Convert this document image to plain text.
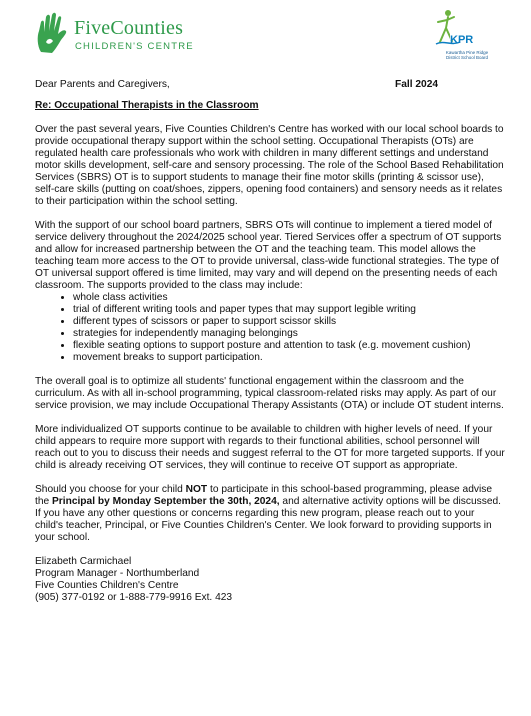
FiveCounties
CHILDREN'S CENTRE
KPR
Kawartha Pine Ridge
District School Board
Dear Parents and Caregivers,	Fall 2024
Re: Occupational Therapists in the Classroom

Over the past several years, Five Counties Children's Centre has worked with our local school boards to provide occupational therapy support within the school setting. Occupational Therapists (OTs) are regulated health care professionals who work with children in many different settings and understand motor skills development, self-care and sensory processing. The role of the School Based Rehabilitation Services (SBRS) OT is to support students to manage their fine motor skills (printing & scissor use), self-care skills (putting on coat/shoes, zippers, opening food containers) and sensory needs as it relates to their participation within the school setting.

With the support of our school board partners, SBRS OTs will continue to implement a tiered model of service delivery throughout the 2024/2025 school year. Tiered Services offer a spectrum of OT supports and allow for increased partnership between the OT and the teaching team. This model allows the teaching team more access to the OT to provide universal, class-wide functional strategies. The type of OT universal support offered is time limited, may vary and will depend on the presenting needs of each classroom. The supports provided to the class may include:

• whole class activities
• trial of different writing tools and paper types that may support legible writing
• different types of scissors or paper to support scissor skills
• strategies for independently managing belongings
• flexible seating options to support posture and attention to task (e.g. movement cushion)
• movement breaks to support participation.

The overall goal is to optimize all students' functional engagement within the classroom and the curriculum. As with all in-school programming, typical classroom-related risks may apply. As part of our service provision, we may include Occupational Therapy Assistants (OTA) or include OT student interns.

More individualized OT supports continue to be available to children with higher levels of need. If your child appears to require more support with regards to their functional abilities, school personnel will reach out to you to discuss their needs and suggest referral to the OT for more targeted supports. If your child is already receiving OT services, they will continue to receive OT support as appropriate.

Should you choose for your child NOT to participate in this school-based programming, please advise the Principal by Monday September the 30th, 2024, and alternative activity options will be discussed. If you have any other questions or concerns regarding this new program, please reach out to your child's teacher, Principal, or Five Counties Children's Center. We look forward to providing supports in your school.

Elizabeth Carmichael
Program Manager - Northumberland
Five Counties Children's Centre
(905) 377-0192 or 1-888-779-9916 Ext. 423
